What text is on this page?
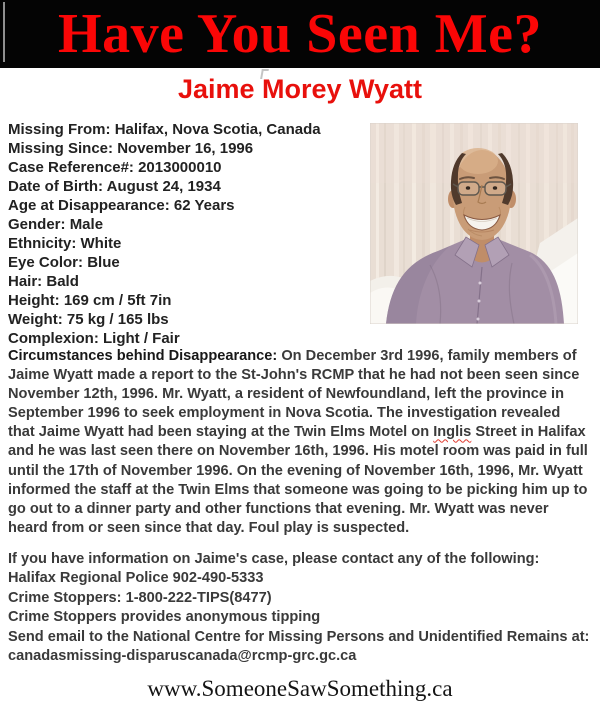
Have You Seen Me?
Jaime Morey Wyatt
Missing From: Halifax, Nova Scotia, Canada
Missing Since: November 16, 1996
Case Reference#: 2013000010
Date of Birth: August 24, 1934
Age at Disappearance: 62 Years
Gender: Male
Ethnicity: White
Eye Color: Blue
Hair: Bald
Height: 169 cm / 5ft 7in
Weight: 75 kg / 165 lbs
Complexion: Light / Fair
Circumstances behind Disappearance: On December 3rd 1996, family members of
Jaime Wyatt made a report to the St-John's RCMP that he had not been seen since
November 12th, 1996. Mr. Wyatt, a resident of Newfoundland, left the province in
September 1996 to seek employment in Nova Scotia. The investigation revealed
that Jaime Wyatt had been staying at the Twin Elms Motel on Inglis Street in Halifax
and he was last seen there on November 16th, 1996. His motel room was paid in full
until the 17th of November 1996. On the evening of November 16th, 1996, Mr. Wyatt
informed the staff at the Twin Elms that someone was going to be picking him up to
go out to a dinner party and other functions that evening. Mr. Wyatt was never
heard from or seen since that day. Foul play is suspected.
If you have information on Jaime's case, please contact any of the following:
Halifax Regional Police 902-490-5333
Crime Stoppers: 1-800-222-TIPS(8477)
Crime Stoppers provides anonymous tipping
Send email to the National Centre for Missing Persons and Unidentified Remains at:
canadasmissing-disparuscanada@rcmp-grc.gc.ca
www.SomeoneSawSomething.ca
